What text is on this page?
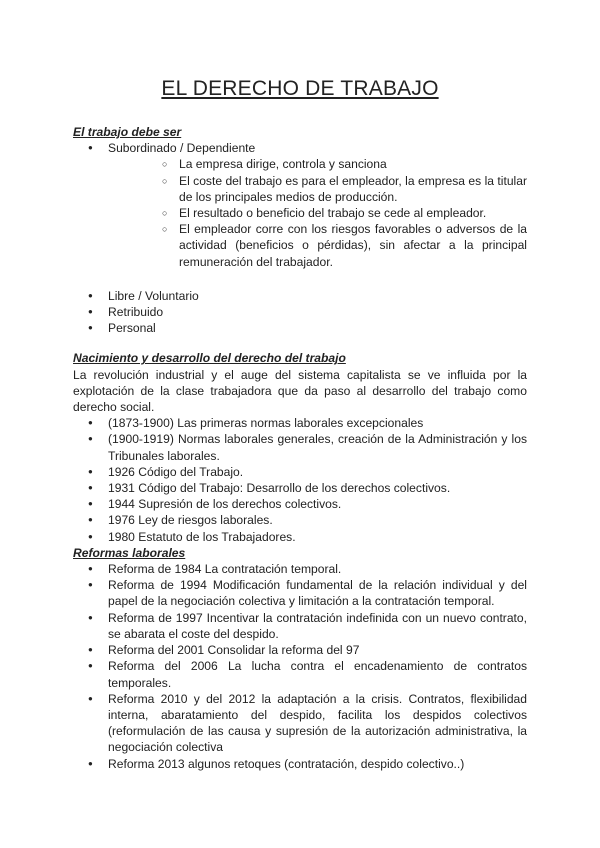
EL DERECHO DE TRABAJO

El trabajo debe ser

● Subordinado / Dependiente
○ La empresa dirige, controla y sanciona
○ El coste del trabajo es para el empleador, la empresa es la titular de los principales medios de producción.
○ El resultado o beneficio del trabajo se cede al empleador.
○ El empleador corre con los riesgos favorables o adversos de la actividad (beneficios o pérdidas), sin afectar a la principal remuneración del trabajador.
● Libre / Voluntario
● Retribuido
● Personal

Nacimiento y desarrollo del derecho del trabajo

La revolución industrial y el auge del sistema capitalista se ve influida por la explotación de la clase trabajadora que da paso al desarrollo del trabajo como derecho social.

● (1873-1900) Las primeras normas laborales excepcionales
● (1900-1919) Normas laborales generales, creación de la Administración y los Tribunales laborales.
● 1926 Código del Trabajo.
● 1931 Código del Trabajo: Desarrollo de los derechos colectivos.
● 1944 Supresión de los derechos colectivos.
● 1976 Ley de riesgos laborales.
● 1980 Estatuto de los Trabajadores.

Reformas laborales

● Reforma de 1984 La contratación temporal.
● Reforma de 1994 Modificación fundamental de la relación individual y del papel de la negociación colectiva y limitación a la contratación temporal.
● Reforma de 1997 Incentivar la contratación indefinida con un nuevo contrato, se abarata el coste del despido.
● Reforma del 2001 Consolidar la reforma del 97
● Reforma del 2006 La lucha contra el encadenamiento de contratos temporales.
● Reforma 2010 y del 2012 la adaptación a la crisis. Contratos, flexibilidad interna, abaratamiento del despido, facilita los despidos colectivos (reformulación de las causa y supresión de la autorización administrativa, la negociación colectiva
● Reforma 2013 algunos retoques (contratación, despido colectivo..)
